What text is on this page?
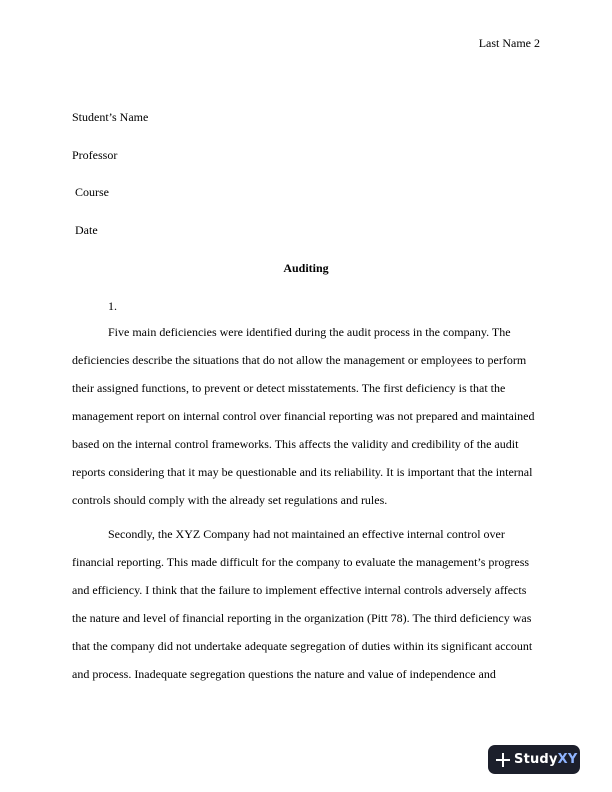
Last Name 2
Student’s Name
Professor
Course
Date
Auditing
1.
Five main deficiencies were identified during the audit process in the company. The deficiencies describe the situations that do not allow the management or employees to perform their assigned functions, to prevent or detect misstatements. The first deficiency is that the management report on internal control over financial reporting was not prepared and maintained based on the internal control frameworks. This affects the validity and credibility of the audit reports considering that it may be questionable and its reliability. It is important that the internal controls should comply with the already set regulations and rules.
Secondly, the XYZ Company had not maintained an effective internal control over financial reporting. This made difficult for the company to evaluate the management’s progress and efficiency. I think that the failure to implement effective internal controls adversely affects the nature and level of financial reporting in the organization (Pitt 78). The third deficiency was that the company did not undertake adequate segregation of duties within its significant account and process. Inadequate segregation questions the nature and value of independence and
StudyXY
